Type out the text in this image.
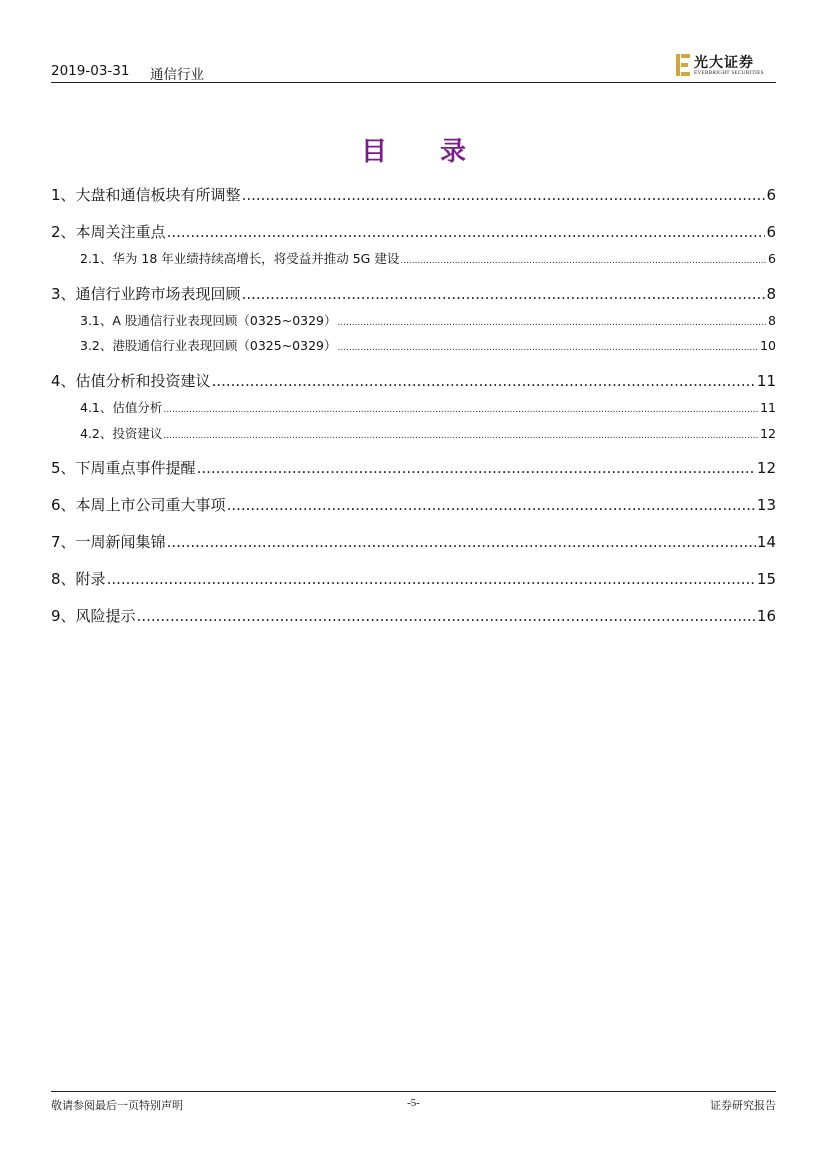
2019-03-31 通信行业
光大证券
EVERBRIGHT SECURITIES
目 录
1、 大盘和通信板块有所调整 .....	6
2、 本周关注重点 .....	6
2.1、 华为 18 年业绩持续高增长，将受益并推动 5G 建设 .....	6
3、 通信行业跨市场表现回顾 .....	8
3.1、 A 股通信行业表现回顾（0325~0329） .....	8
3.2、 港股通信行业表现回顾（0325~0329） .....	10
4、 估值分析和投资建议 .....	11
4.1、 估值分析 .....	11
4.2、 投资建议 .....	12
5、 下周重点事件提醒 .....	12
6、 本周上市公司重大事项 .....	13
7、 一周新闻集锦 .....	14
8、 附录 .....	15
9、 风险提示 .....	16
敬请参阅最后一页特别声明	-5-	证券研究报告
